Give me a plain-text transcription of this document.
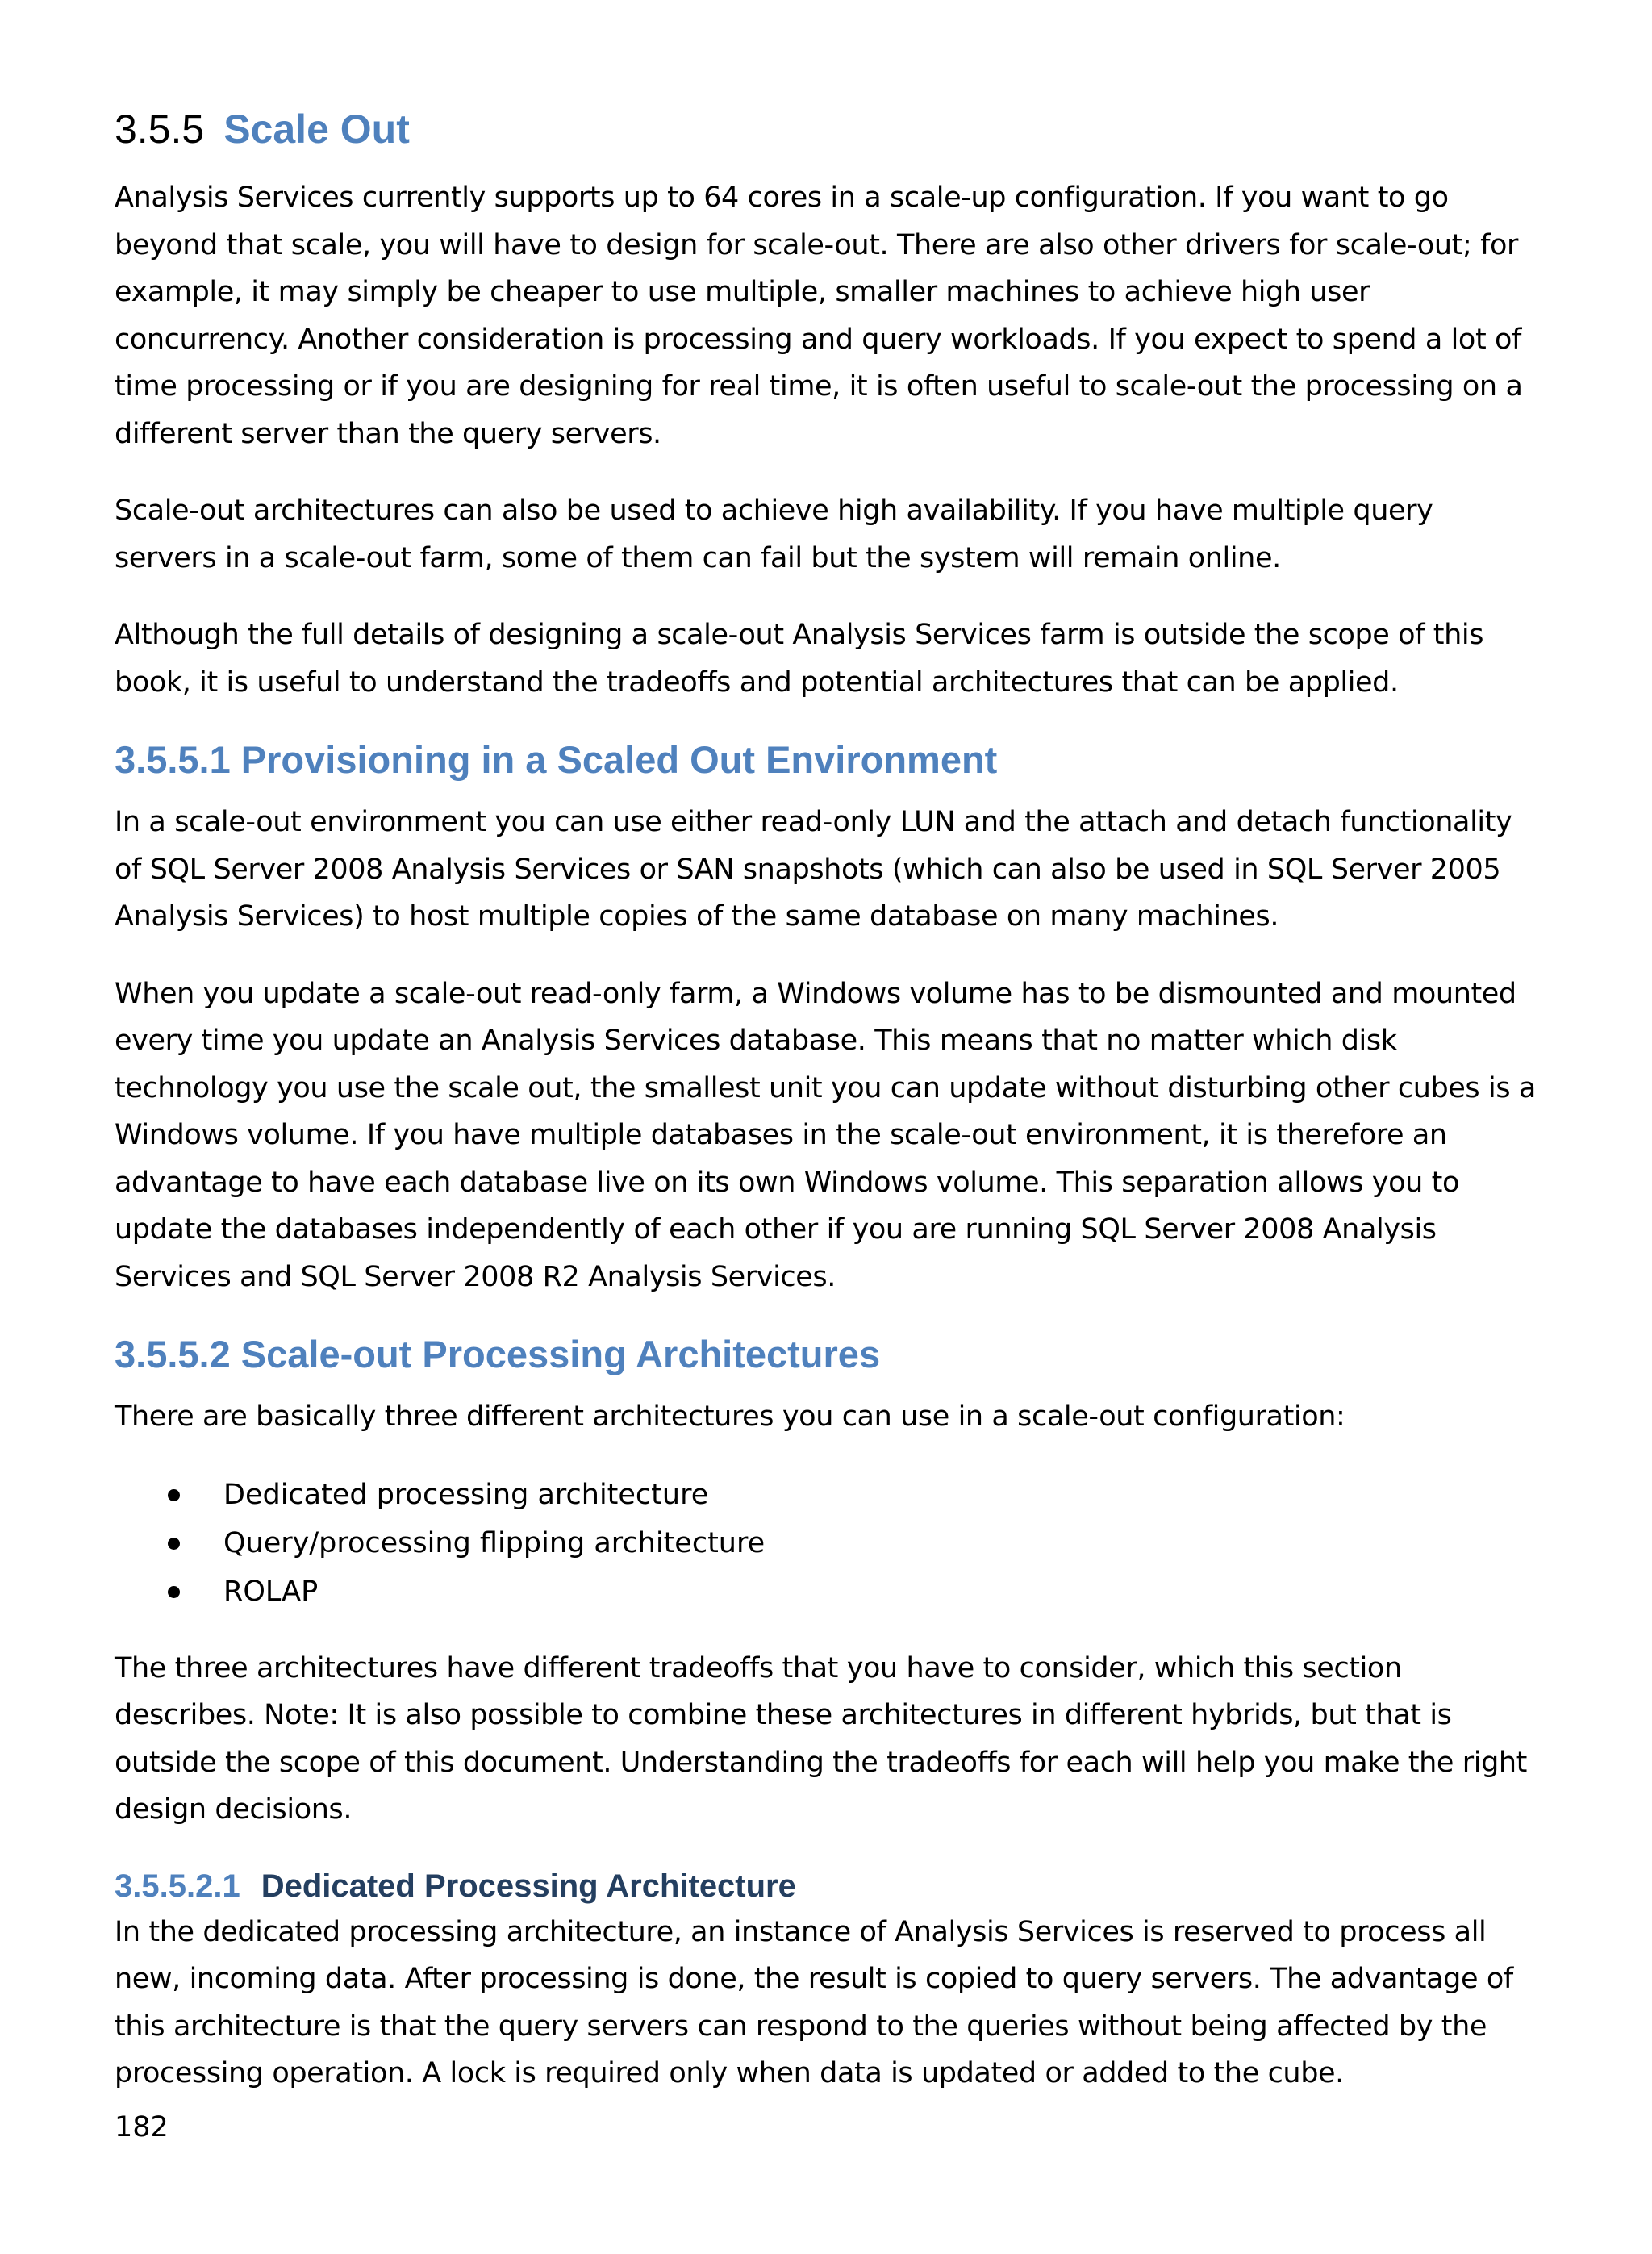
3.5.5 Scale Out

Analysis Services currently supports up to 64 cores in a scale-up configuration. If you want to go beyond that scale, you will have to design for scale-out. There are also other drivers for scale-out; for example, it may simply be cheaper to use multiple, smaller machines to achieve high user concurrency. Another consideration is processing and query workloads. If you expect to spend a lot of time processing or if you are designing for real time, it is often useful to scale-out the processing on a different server than the query servers.

Scale-out architectures can also be used to achieve high availability. If you have multiple query servers in a scale-out farm, some of them can fail but the system will remain online.

Although the full details of designing a scale-out Analysis Services farm is outside the scope of this book, it is useful to understand the tradeoffs and potential architectures that can be applied.

3.5.5.1 Provisioning in a Scaled Out Environment

In a scale-out environment you can use either read-only LUN and the attach and detach functionality of SQL Server 2008 Analysis Services or SAN snapshots (which can also be used in SQL Server 2005 Analysis Services) to host multiple copies of the same database on many machines.

When you update a scale-out read-only farm, a Windows volume has to be dismounted and mounted every time you update an Analysis Services database. This means that no matter which disk technology you use the scale out, the smallest unit you can update without disturbing other cubes is a Windows volume. If you have multiple databases in the scale-out environment, it is therefore an advantage to have each database live on its own Windows volume. This separation allows you to update the databases independently of each other if you are running SQL Server 2008 Analysis Services and SQL Server 2008 R2 Analysis Services.

3.5.5.2 Scale-out Processing Architectures

There are basically three different architectures you can use in a scale-out configuration:

Dedicated processing architecture
Query/processing flipping architecture
ROLAP

The three architectures have different tradeoffs that you have to consider, which this section describes. Note: It is also possible to combine these architectures in different hybrids, but that is outside the scope of this document. Understanding the tradeoffs for each will help you make the right design decisions.

3.5.5.2.1 Dedicated Processing Architecture

In the dedicated processing architecture, an instance of Analysis Services is reserved to process all new, incoming data. After processing is done, the result is copied to query servers. The advantage of this architecture is that the query servers can respond to the queries without being affected by the processing operation. A lock is required only when data is updated or added to the cube.

182
